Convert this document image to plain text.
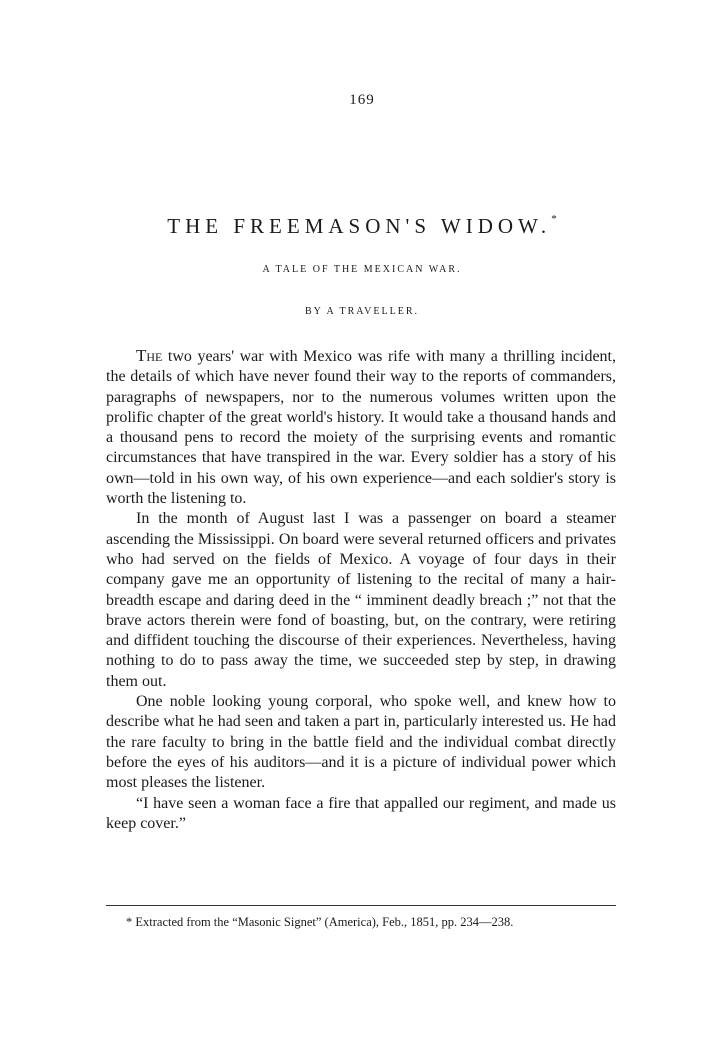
169
THE FREEMASON'S WIDOW.*
A TALE OF THE MEXICAN WAR.
BY A TRAVELLER.

The two years' war with Mexico was rife with many a thrilling incident, the details of which have never found their way to the reports of commanders, paragraphs of newspapers, nor to the numerous volumes written upon the prolific chapter of the great world's history. It would take a thousand hands and a thousand pens to record the moiety of the surprising events and romantic circumstances that have transpired in the war. Every soldier has a story of his own—told in his own way, of his own experience—and each soldier's story is worth the listening to.

In the month of August last I was a passenger on board a steamer ascending the Mississippi. On board were several returned officers and privates who had served on the fields of Mexico. A voyage of four days in their company gave me an opportunity of listening to the recital of many a hair-breadth escape and daring deed in the “ imminent deadly breach ;” not that the brave actors therein were fond of boasting, but, on the contrary, were retiring and diffident touching the discourse of their experiences. Nevertheless, having nothing to do to pass away the time, we succeeded step by step, in drawing them out.

One noble looking young corporal, who spoke well, and knew how to describe what he had seen and taken a part in, particularly interested us. He had the rare faculty to bring in the battle field and the individual combat directly before the eyes of his auditors—and it is a picture of individual power which most pleases the listener.

“I have seen a woman face a fire that appalled our regiment, and made us keep cover.”

* Extracted from the “Masonic Signet” (America), Feb., 1851, pp. 234—238.
